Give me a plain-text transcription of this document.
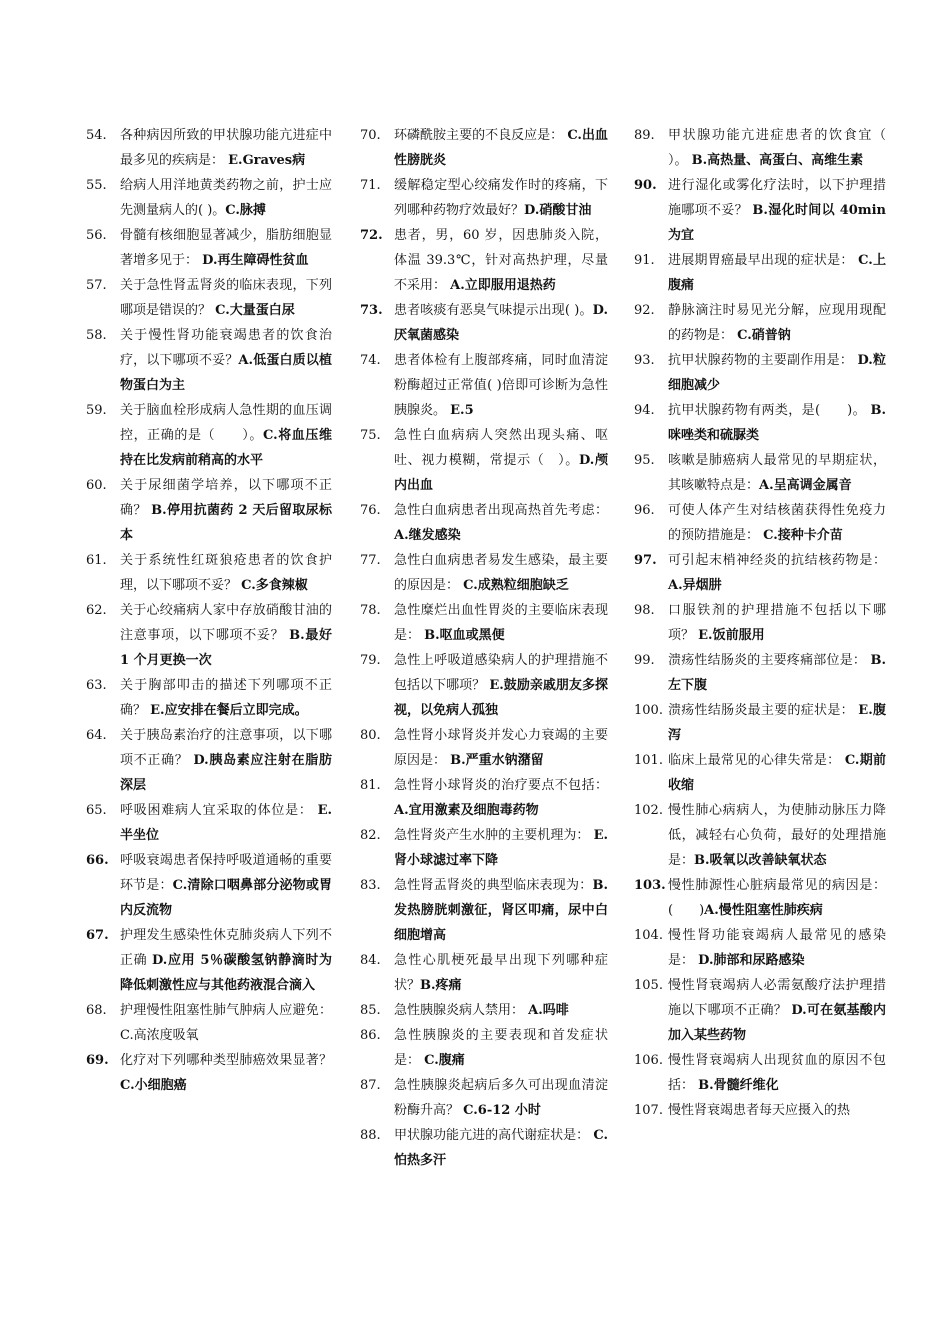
54.	各种病因所致的甲状腺功能亢进症中最多见的疾病是： E.Graves病
55.	给病人用洋地黄类药物之前，护士应先测量病人的( )。C.脉搏
56.	骨髓有核细胞显著减少，脂肪细胞显著增多见于： D.再生障碍性贫血
57.	关于急性肾盂肾炎的临床表现，下列哪项是错误的？ C.大量蛋白尿
58.	关于慢性肾功能衰竭患者的饮食治疗，以下哪项不妥？A.低蛋白质以植物蛋白为主
59.	关于脑血栓形成病人急性期的血压调控，正确的是（　　）。C.将血压维持在比发病前稍高的水平
60.	关于尿细菌学培养，以下哪项不正确？ B.停用抗菌药 2 天后留取尿标本
61.	关于系统性红斑狼疮患者的饮食护理，以下哪项不妥？ C.多食辣椒
62.	关于心绞痛病人家中存放硝酸甘油的注意事项，以下哪项不妥？ B.最好 1 个月更换一次
63.	关于胸部叩击的描述下列哪项不正确？ E.应安排在餐后立即完成。
64.	关于胰岛素治疗的注意事项，以下哪项不正确？ D.胰岛素应注射在脂肪深层
65.	呼吸困难病人宜采取的体位是： E.半坐位
66. 呼吸衰竭患者保持呼吸道通畅的重要环节是：C.清除口咽鼻部分泌物或胃内反流物
67. 护理发生感染性休克肺炎病人下列不正确 D.应用 5％碳酸氢钠静滴时为降低刺激性应与其他药液混合滴入
68.	护理慢性阻塞性肺气肿病人应避免： C.高浓度吸氧
69. 化疗对下列哪种类型肺癌效果显著？ C.小细胞癌
70.	环磷酰胺主要的不良反应是： C.出血性膀胱炎
71.	缓解稳定型心绞痛发作时的疼痛，下列哪种药物疗效最好？D.硝酸甘油
72. 患者，男，60 岁，因患肺炎入院，体温 39.3℃，针对高热护理，尽量不采用： A.立即服用退热药
73. 患者咳痰有恶臭气味提示出现( )。D.厌氧菌感染
74.	患者体检有上腹部疼痛，同时血清淀粉酶超过正常值( )倍即可诊断为急性胰腺炎。 E.5
75.	急性白血病病人突然出现头痛、呕吐、视力模糊，常提示（　）。D.颅内出血
76.	急性白血病患者出现高热首先考虑： A.继发感染
77.	急性白血病患者易发生感染，最主要的原因是： C.成熟粒细胞缺乏
78.	急性糜烂出血性胃炎的主要临床表现是： B.呕血或黑便
79.	急性上呼吸道感染病人的护理措施不包括以下哪项？ E.鼓励亲戚朋友多探视，以免病人孤独
80.	急性肾小球肾炎并发心力衰竭的主要原因是： B.严重水钠潴留
81.	急性肾小球肾炎的治疗要点不包括： A.宜用激素及细胞毒药物
82.	急性肾炎产生水肿的主要机理为： E.肾小球滤过率下降
83.	急性肾盂肾炎的典型临床表现为：B.发热膀胱刺激征，肾区叩痛，尿中白细胞增高
84.	急性心肌梗死最早出现下列哪种症状？B.疼痛
85.	急性胰腺炎病人禁用： A.吗啡
86.	急性胰腺炎的主要表现和首发症状是： C.腹痛
87.	急性胰腺炎起病后多久可出现血清淀粉酶升高？ C.6-12 小时
88.	甲状腺功能亢进的高代谢症状是： C.怕热多汗
89.	甲状腺功能亢进症患者的饮食宜（ ）。 B.高热量、高蛋白、高维生素
90. 进行湿化或雾化疗法时，以下护理措施哪项不妥？ B.湿化时间以 40min 为宜
91.	进展期胃癌最早出现的症状是： C.上腹痛
92.	静脉滴注时易见光分解，应现用现配的药物是： C.硝普钠
93.	抗甲状腺药物的主要副作用是： D.粒细胞减少
94.	抗甲状腺药物有两类，是(　　)。 B.咪唑类和硫脲类
95.	咳嗽是肺癌病人最常见的早期症状，其咳嗽特点是：A.呈高调金属音
96.	可使人体产生对结核菌获得性免疫力的预防措施是： C.接种卡介苗
97. 可引起末梢神经炎的抗结核药物是： A.异烟肼
98.	口服铁剂的护理措施不包括以下哪项？ E.饭前服用
99.	溃疡性结肠炎的主要疼痛部位是： B.左下腹
100. 溃疡性结肠炎最主要的症状是： E.腹泻
101. 临床上最常见的心律失常是： C.期前收缩
102. 慢性肺心病病人，为使肺动脉压力降低，减轻右心负荷，最好的处理措施是：B.吸氧以改善缺氧状态
103. 慢性肺源性心脏病最常见的病因是：(　　)A.慢性阻塞性肺疾病
104. 慢性肾功能衰竭病人最常见的感染是： D.肺部和尿路感染
105. 慢性肾衰竭病人必需氨酸疗法护理措施以下哪项不正确？ D.可在氨基酸内加入某些药物
106. 慢性肾衰竭病人出现贫血的原因不包括： B.骨髓纤维化
107. 慢性肾衰竭患者每天应摄入的热
